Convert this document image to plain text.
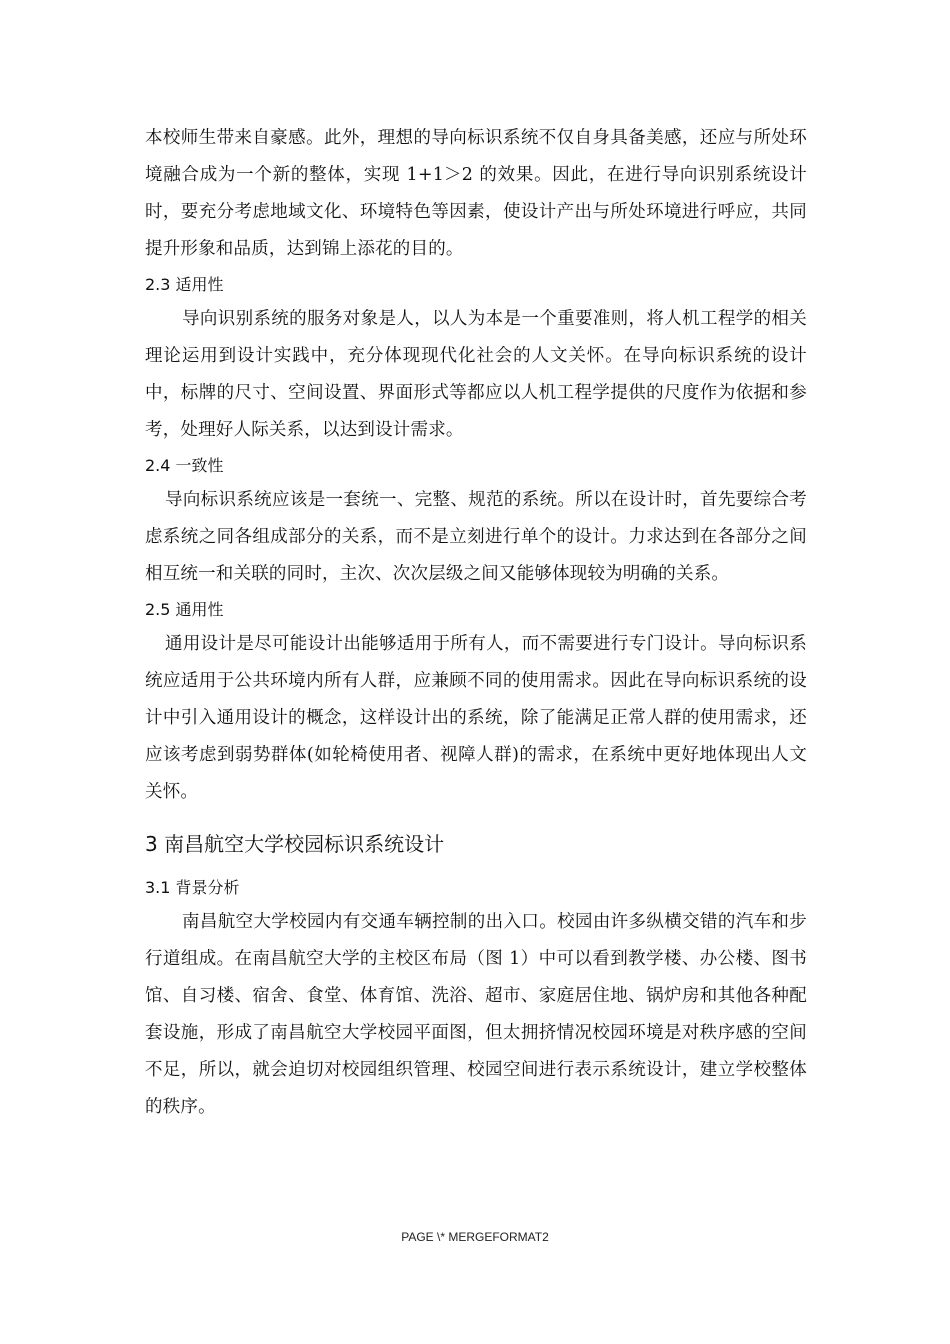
本校师生带来自豪感。此外，理想的导向标识系统不仅自身具备美感，还应与所处环境融合成为一个新的整体，实现 1+1＞2 的效果。因此，在进行导向识别系统设计时，要充分考虑地域文化、环境特色等因素，使设计产出与所处环境进行呼应，共同提升形象和品质，达到锦上添花的目的。

2.3 适用性

导向识别系统的服务对象是人，以人为本是一个重要准则，将人机工程学的相关理论运用到设计实践中，充分体现现代化社会的人文关怀。在导向标识系统的设计中，标牌的尺寸、空间设置、界面形式等都应以人机工程学提供的尺度作为依据和参考，处理好人际关系，以达到设计需求。

2.4 一致性

导向标识系统应该是一套统一、完整、规范的系统。所以在设计时，首先要综合考虑系统之同各组成部分的关系，而不是立刻进行单个的设计。力求达到在各部分之间相互统一和关联的同时，主次、次次层级之间又能够体现较为明确的关系。

2.5 通用性

通用设计是尽可能设计出能够适用于所有人，而不需要进行专门设计。导向标识系统应适用于公共环境内所有人群，应兼顾不同的使用需求。因此在导向标识系统的设计中引入通用设计的概念，这样设计出的系统，除了能满足正常人群的使用需求，还应该考虑到弱势群体(如轮椅使用者、视障人群)的需求，在系统中更好地体现出人文关怀。

3 南昌航空大学校园标识系统设计
3.1 背景分析

南昌航空大学校园内有交通车辆控制的出入口。校园由许多纵横交错的汽车和步行道组成。在南昌航空大学的主校区布局（图 1）中可以看到教学楼、办公楼、图书馆、自习楼、宿舍、食堂、体育馆、洗浴、超市、家庭居住地、锅炉房和其他各种配套设施，形成了南昌航空大学校园平面图，但太拥挤情况校园环境是对秩序感的空间不足，所以，就会迫切对校园组织管理、校园空间进行表示系统设计，建立学校整体的秩序。

PAGE \* MERGEFORMAT2
